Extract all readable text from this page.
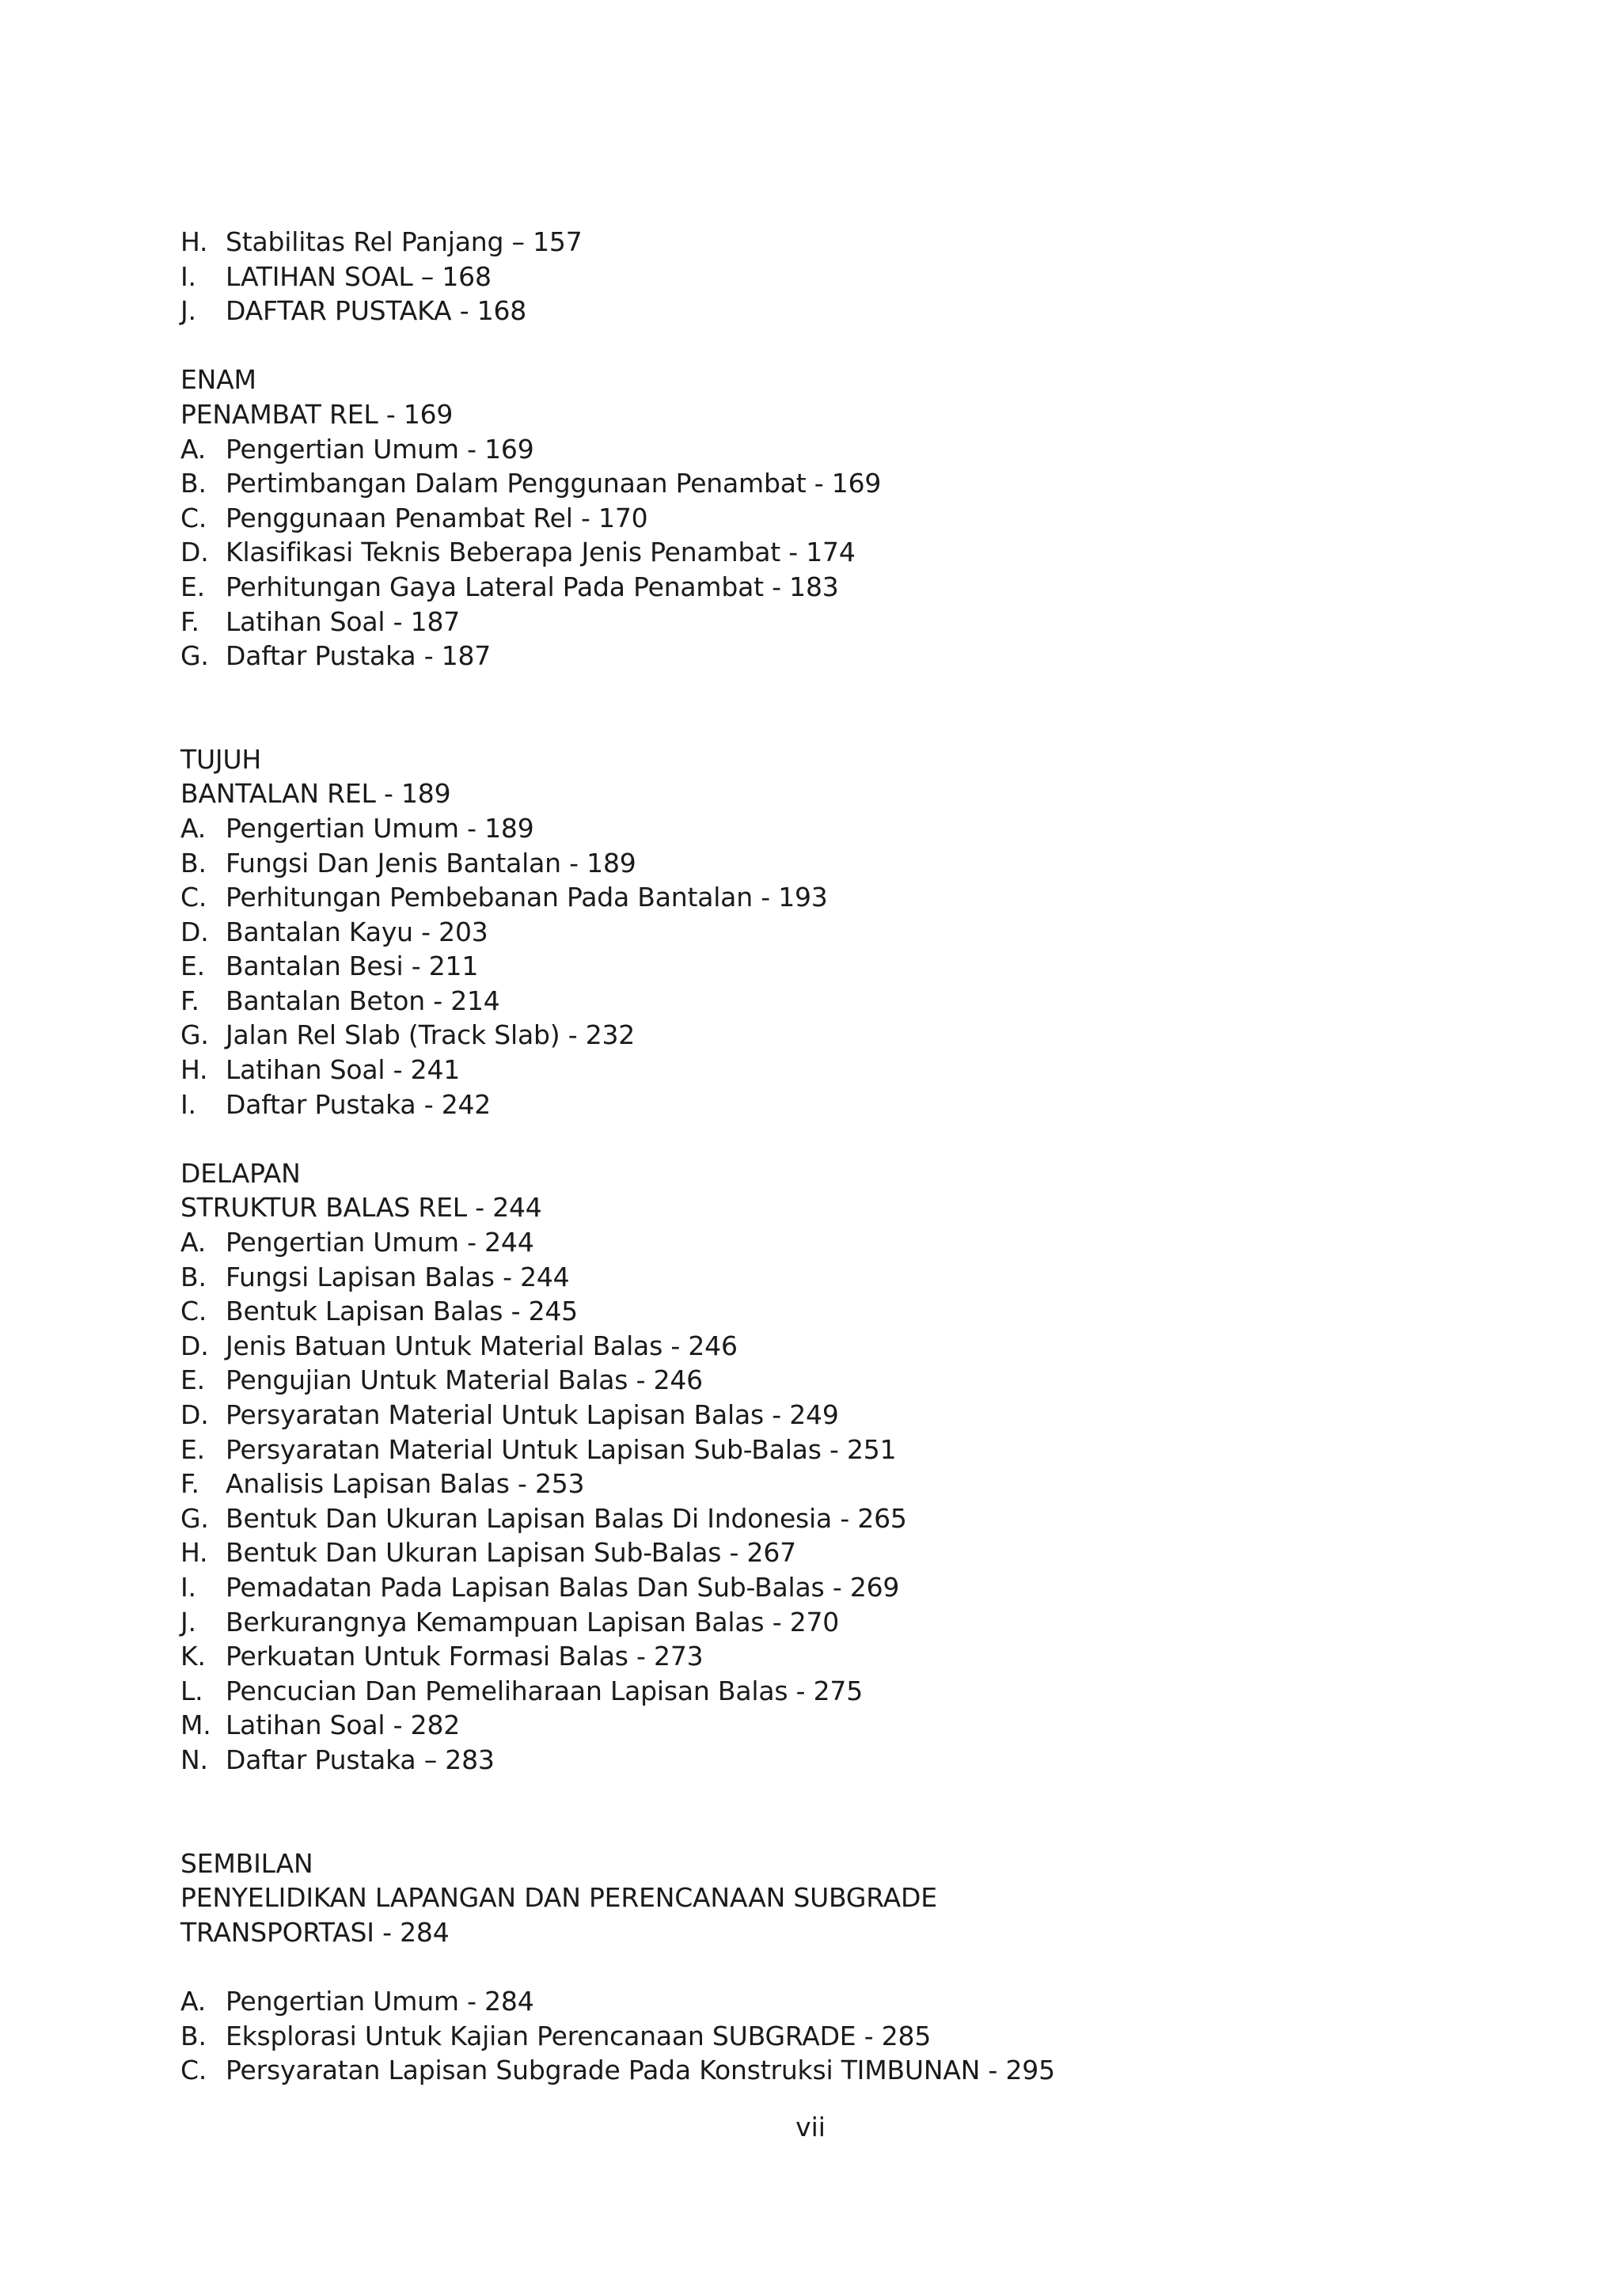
H. Stabilitas Rel Panjang – 157
I.	LATIHAN SOAL – 168
J.	DAFTAR PUSTAKA - 168
ENAM
PENAMBAT REL - 169
A. Pengertian Umum - 169
B. Pertimbangan Dalam Penggunaan Penambat - 169
C. Penggunaan Penambat Rel - 170
D. Klasifikasi Teknis Beberapa Jenis Penambat - 174
E. Perhitungan Gaya Lateral Pada Penambat - 183
F.	Latihan Soal - 187
G. Daftar Pustaka - 187
TUJUH
BANTALAN REL - 189
A. Pengertian Umum - 189
B. Fungsi Dan Jenis Bantalan - 189
C. Perhitungan Pembebanan Pada Bantalan - 193
D. Bantalan Kayu - 203
E. Bantalan Besi - 211
F.	Bantalan Beton - 214
G. Jalan Rel Slab (Track Slab) - 232
H. Latihan Soal - 241
I.	Daftar Pustaka - 242
DELAPAN
STRUKTUR BALAS REL - 244
A. Pengertian Umum - 244
B. Fungsi Lapisan Balas - 244
C. Bentuk Lapisan Balas - 245
D. Jenis Batuan Untuk Material Balas - 246
E. Pengujian Untuk Material Balas - 246
D. Persyaratan Material Untuk Lapisan Balas - 249
E. Persyaratan Material Untuk Lapisan Sub-Balas - 251
F.	Analisis Lapisan Balas - 253
G. Bentuk Dan Ukuran Lapisan Balas Di Indonesia - 265
H. Bentuk Dan Ukuran Lapisan Sub-Balas - 267
I.	Pemadatan Pada Lapisan Balas Dan Sub-Balas - 269
J.	Berkurangnya Kemampuan Lapisan Balas - 270
K. Perkuatan Untuk Formasi Balas - 273
L. Pencucian Dan Pemeliharaan Lapisan Balas - 275
M. Latihan Soal - 282
N. Daftar Pustaka – 283
SEMBILAN
PENYELIDIKAN LAPANGAN DAN PERENCANAAN SUBGRADE
TRANSPORTASI - 284
A. Pengertian Umum - 284
B. Eksplorasi Untuk Kajian Perencanaan SUBGRADE - 285
C. Persyaratan Lapisan Subgrade Pada Konstruksi TIMBUNAN - 295
vii
